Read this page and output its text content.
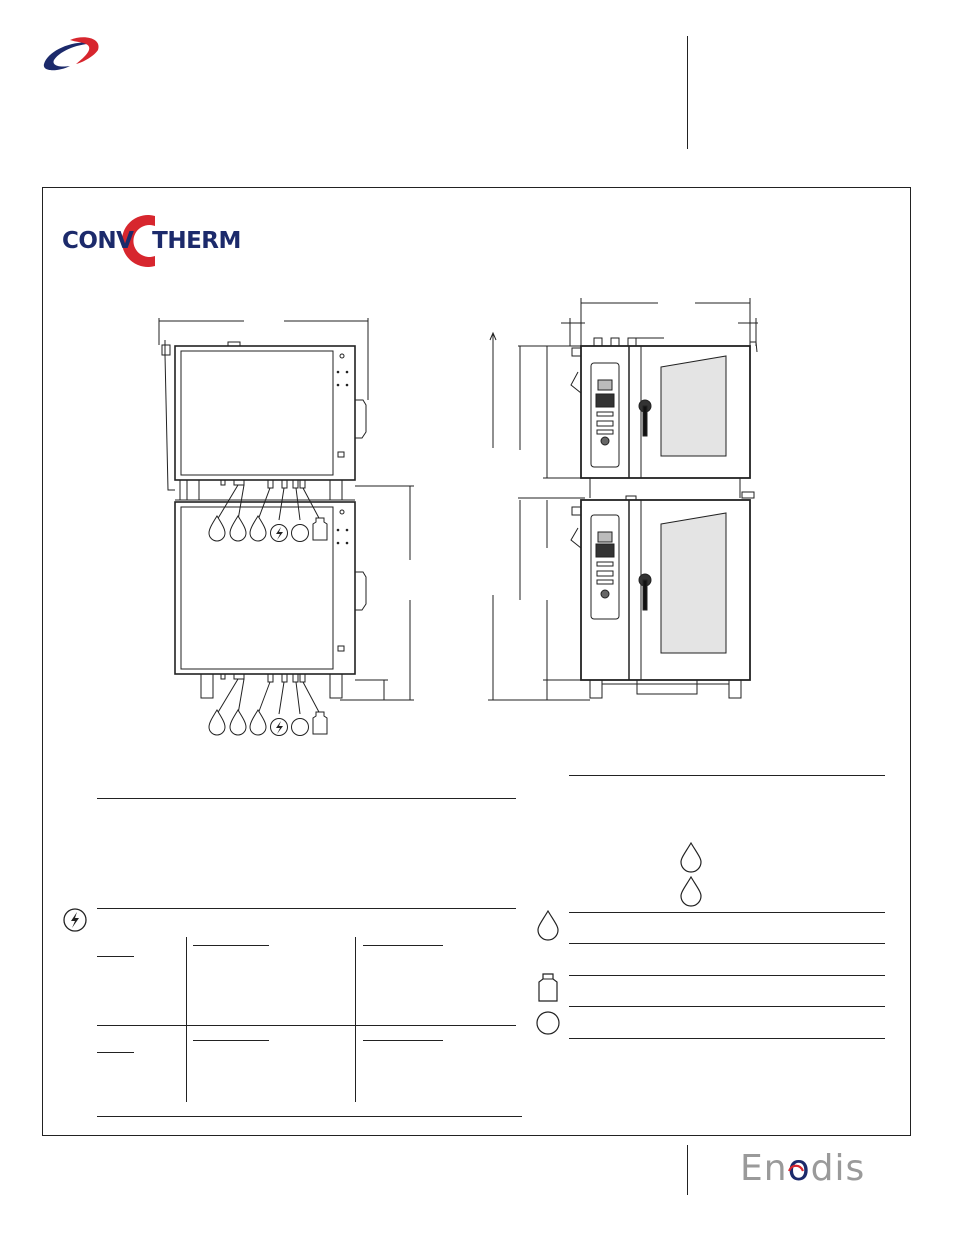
CONVOTHERM
Enodis
